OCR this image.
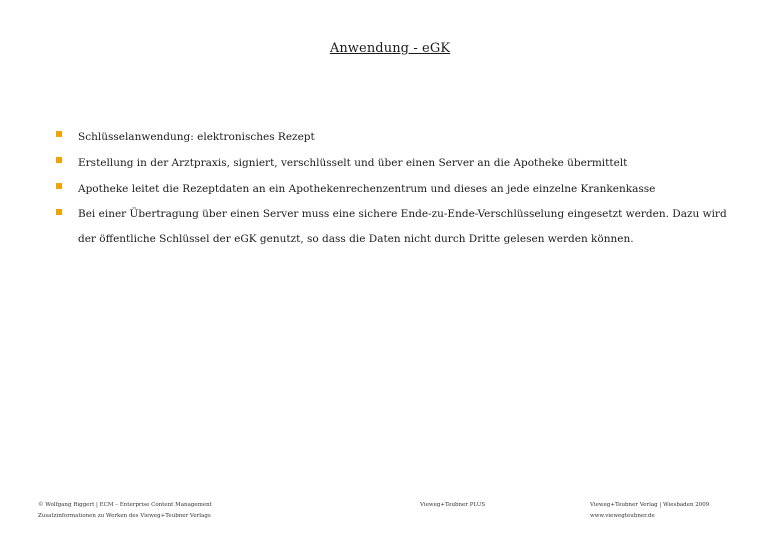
Anwendung - eGK
Schlüsselanwendung: elektronisches Rezept
Erstellung in der Arztpraxis, signiert, verschlüsselt und über einen Server an die Apotheke übermittelt
Apotheke leitet die Rezeptdaten an ein Apothekenrechenzentrum und dieses an jede einzelne Krankenkasse
Bei einer Übertragung über einen Server muss eine sichere Ende-zu-Ende-Verschlüsselung eingesetzt werden. Dazu wird der öffentliche Schlüssel der eGK genutzt, so dass die Daten nicht durch Dritte gelesen werden können.
© Wolfgang Riggert | ECM – Enterprise Content Management
Zusatzinformationen zu Werken des Vieweg+Teubner Verlags
Vieweg+Teubner PLUS	Vieweg+Teubner Verlag | Wiesbaden 2009
www.viewegteubner.de
